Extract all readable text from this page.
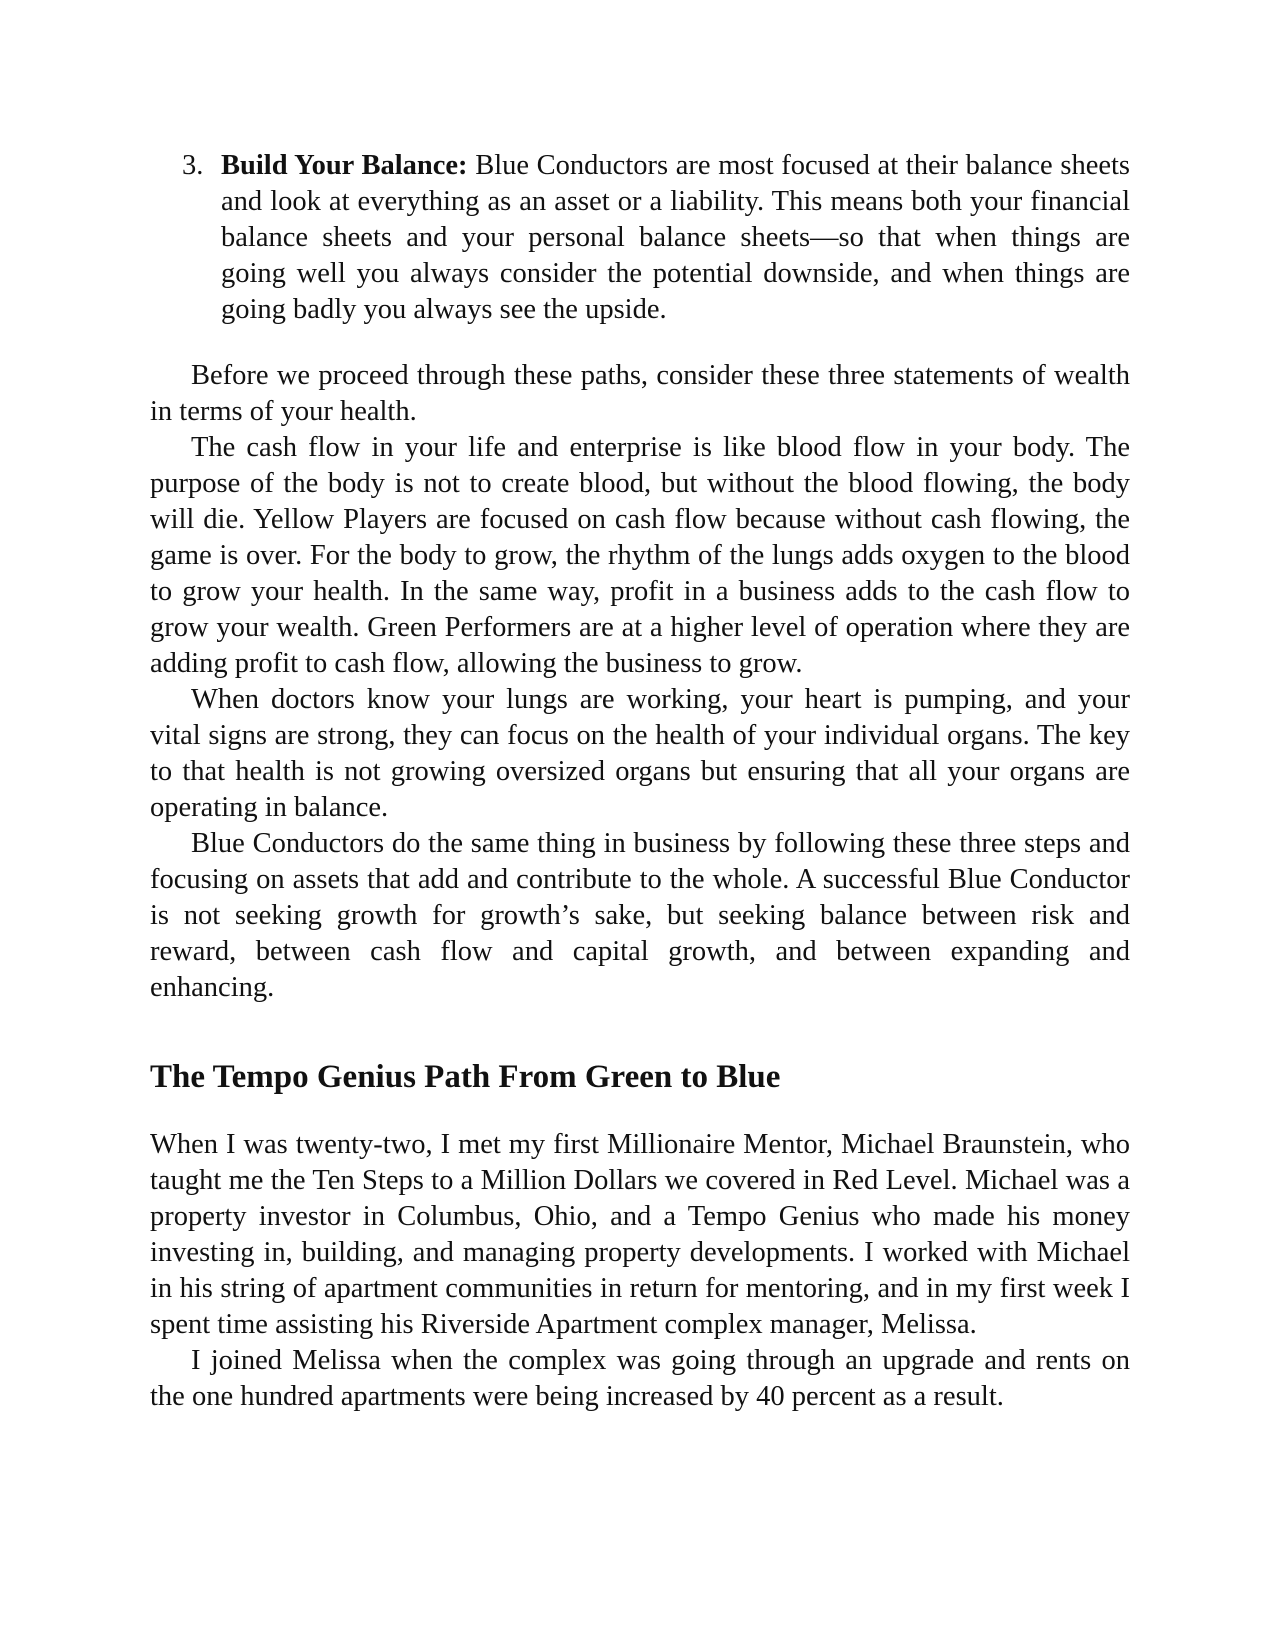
3. Build Your Balance: Blue Conductors are most focused at their balance sheets and look at everything as an asset or a liability. This means both your financial balance sheets and your personal balance sheets—so that when things are going well you always consider the potential downside, and when things are going badly you always see the upside.

Before we proceed through these paths, consider these three statements of wealth in terms of your health.

The cash flow in your life and enterprise is like blood flow in your body. The purpose of the body is not to create blood, but without the blood flowing, the body will die. Yellow Players are focused on cash flow because without cash flowing, the game is over. For the body to grow, the rhythm of the lungs adds oxygen to the blood to grow your health. In the same way, profit in a business adds to the cash flow to grow your wealth. Green Performers are at a higher level of operation where they are adding profit to cash flow, allowing the business to grow.

When doctors know your lungs are working, your heart is pumping, and your vital signs are strong, they can focus on the health of your individual organs. The key to that health is not growing oversized organs but ensuring that all your organs are operating in balance.

Blue Conductors do the same thing in business by following these three steps and focusing on assets that add and contribute to the whole. A successful Blue Conductor is not seeking growth for growth’s sake, but seeking balance between risk and reward, between cash flow and capital growth, and between expanding and enhancing.

The Tempo Genius Path From Green to Blue

When I was twenty-two, I met my first Millionaire Mentor, Michael Braunstein, who taught me the Ten Steps to a Million Dollars we covered in Red Level. Michael was a property investor in Columbus, Ohio, and a Tempo Genius who made his money investing in, building, and managing property developments. I worked with Michael in his string of apartment communities in return for mentoring, and in my first week I spent time assisting his Riverside Apartment complex manager, Melissa.

I joined Melissa when the complex was going through an upgrade and rents on the one hundred apartments were being increased by 40 percent as a result.
